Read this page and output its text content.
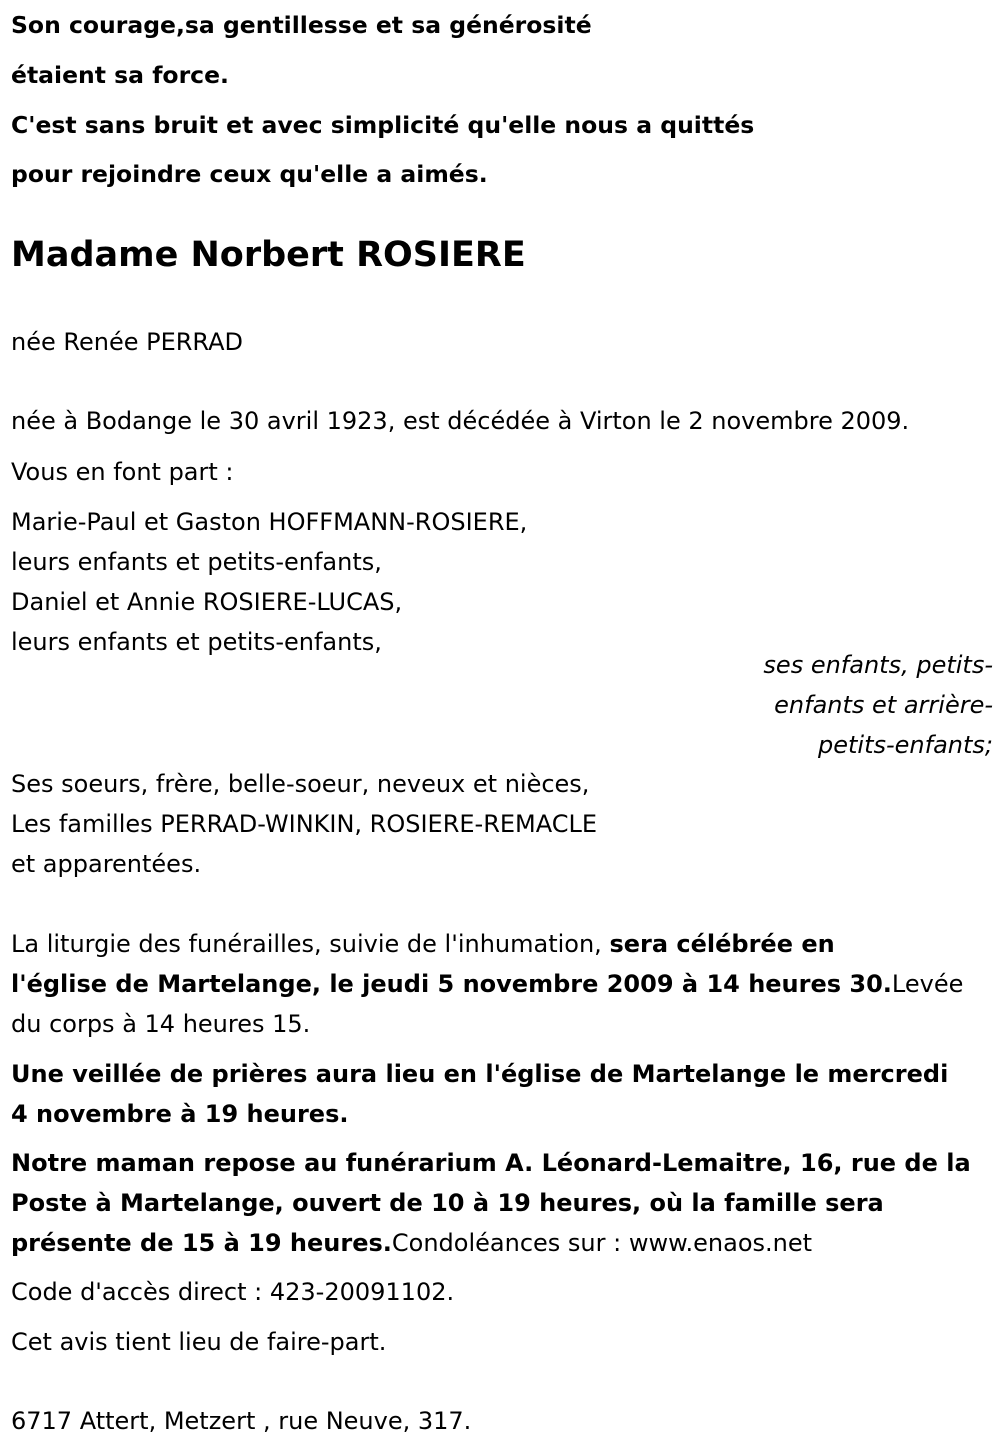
Son courage,sa gentillesse et sa générosité
étaient sa force.
C'est sans bruit et avec simplicité qu'elle nous a quittés
pour rejoindre ceux qu'elle a aimés.
Madame Norbert ROSIERE
née Renée PERRAD
née à Bodange le 30 avril 1923, est décédée à Virton le 2 novembre 2009.
Vous en font part :
Marie-Paul et Gaston HOFFMANN-ROSIERE,
leurs enfants et petits-enfants,
Daniel et Annie ROSIERE-LUCAS,
leurs enfants et petits-enfants,
ses enfants, petits-
enfants et arrière-
petits-enfants;
Ses soeurs, frère, belle-soeur, neveux et nièces,
Les familles PERRAD-WINKIN, ROSIERE-REMACLE
et apparentées.
La liturgie des funérailles, suivie de l'inhumation, sera célébrée en
l'église de Martelange, le jeudi 5 novembre 2009 à 14 heures 30.Levée
du corps à 14 heures 15.
Une veillée de prières aura lieu en l'église de Martelange le mercredi
4 novembre à 19 heures.
Notre maman repose au funérarium A. Léonard-Lemaitre, 16, rue de la
Poste à Martelange, ouvert de 10 à 19 heures, où la famille sera
présente de 15 à 19 heures.Condoléances sur : www.enaos.net
Code d'accès direct : 423-20091102.
Cet avis tient lieu de faire-part.
6717 Attert, Metzert , rue Neuve, 317.
